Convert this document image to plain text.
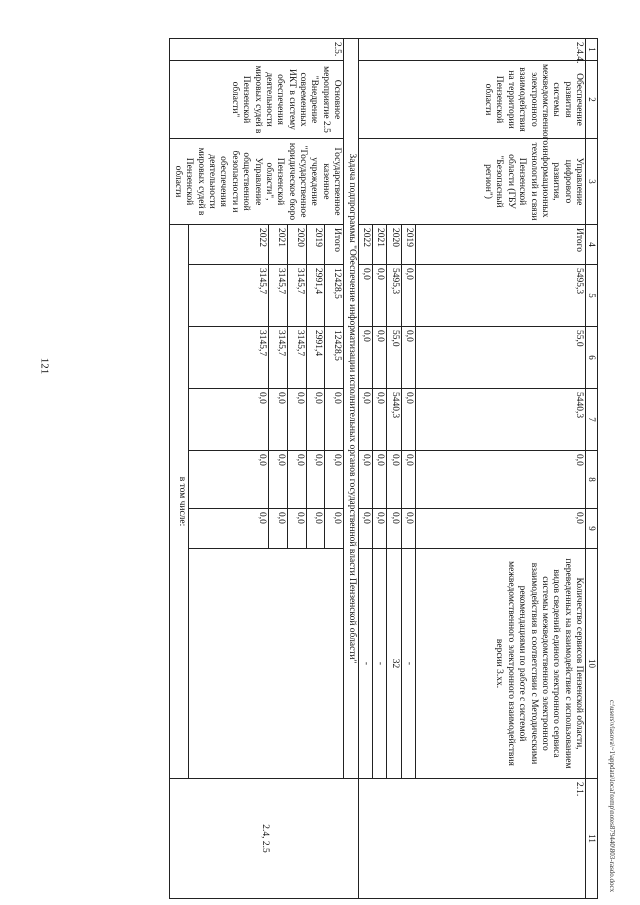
121
1	2	3	4	5	6	7	8	9	10	11
2.4.4.	Обеспечение развития системы межведомственного электронного взаимодействия на территории Пензенской области	Управление цифрового развития, информационных технологий и связи Пензенской области (ГБУ "Безопасный регион")	Итого	5495,3	55,0	5440,3	0,0	0,0	Количество сервисов Пензенской области, переведенных на взаимодействие с использованием видов сведений единого электронного сервиса системы межведомственного электронного взаимодействия в соответствии с Методическими рекомендациями по работе с системой межведомственного электронного взаимодействия версии 3.хх.	2.1.
			2019	0,0	0,0	0,0	0,0	0,0	-	
			2020	5495,3	55,0	5440,3	0,0	0,0	32	
			2021	0,0	0,0	0,0	0,0	0,0	-	
			2022	0,0	0,0	0,0	0,0	0,0	-	
Задача подпрограммы "Обеспечение информатизации исполнительных органов государственной власти Пензенской области"										2.4, 2.5
2.5.	Основное мероприятие 2.5 "Внедрение современных ИКТ в систему обеспечения деятельности мировых судей в Пензенской области"	Государственное казенное учреждение "Государственное юридическое бюро Пензенской области", Управление общественной безопасности и обеспечения деятельности мировых судей в Пензенской области	Итого	12428,5	12428,5	0,0	0,0	0,0		
			2019	2991,4	2991,4	0,0	0,0	0,0		
			2020	3145,7	3145,7	0,0	0,0	0,0		
			2021	3145,7	3145,7	0,0	0,0	0,0		
			2022	3145,7	3145,7	0,0	0,0	0,0		
			в том числе:							
c:\users\vlasova\~1\appdata\local\temp\notes879440\803-rasdo.docx
